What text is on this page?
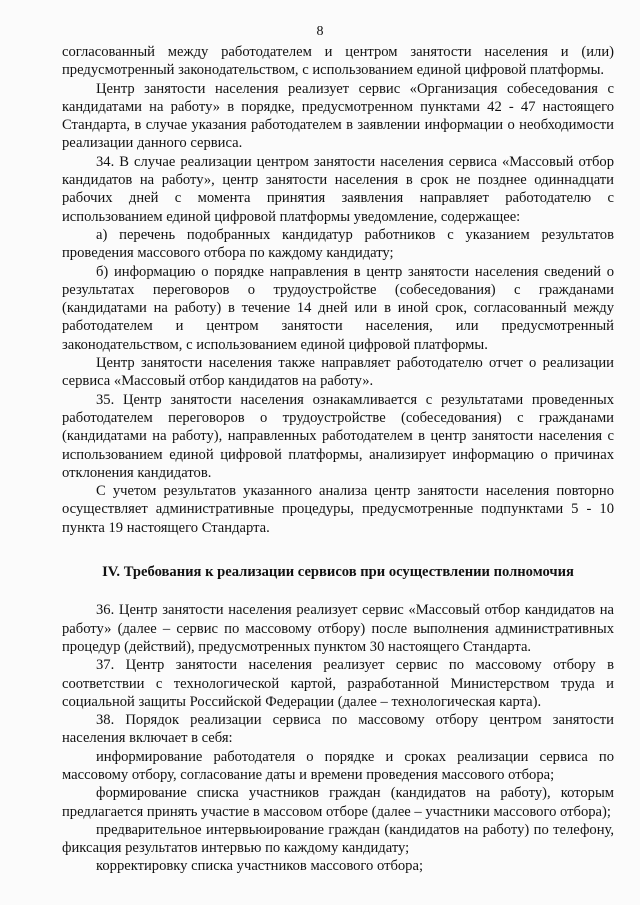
8

согласованный между работодателем и центром занятости населения и (или) предусмотренный законодательством, с использованием единой цифровой платформы.

Центр занятости населения реализует сервис «Организация собеседования с кандидатами на работу» в порядке, предусмотренном пунктами 42 - 47 настоящего Стандарта, в случае указания работодателем в заявлении информации о необходимости реализации данного сервиса.

34. В случае реализации центром занятости населения сервиса «Массовый отбор кандидатов на работу», центр занятости населения в срок не позднее одиннадцати рабочих дней с момента принятия заявления направляет работодателю с использованием единой цифровой платформы уведомление, содержащее:

а) перечень подобранных кандидатур работников с указанием результатов проведения массового отбора по каждому кандидату;

б) информацию о порядке направления в центр занятости населения сведений о результатах переговоров о трудоустройстве (собеседования) с гражданами (кандидатами на работу) в течение 14 дней или в иной срок, согласованный между работодателем и центром занятости населения, или предусмотренный законодательством, с использованием единой цифровой платформы.

Центр занятости населения также направляет работодателю отчет о реализации сервиса «Массовый отбор кандидатов на работу».

35. Центр занятости населения ознакамливается с результатами проведенных работодателем переговоров о трудоустройстве (собеседования) с гражданами (кандидатами на работу), направленных работодателем в центр занятости населения с использованием единой цифровой платформы, анализирует информацию о причинах отклонения кандидатов.

С учетом результатов указанного анализа центр занятости населения повторно осуществляет административные процедуры, предусмотренные подпунктами 5 - 10 пункта 19 настоящего Стандарта.

IV. Требования к реализации сервисов при осуществлении полномочия

36. Центр занятости населения реализует сервис «Массовый отбор кандидатов на работу» (далее – сервис по массовому отбору) после выполнения административных процедур (действий), предусмотренных пунктом 30 настоящего Стандарта.

37. Центр занятости населения реализует сервис по массовому отбору в соответствии с технологической картой, разработанной Министерством труда и социальной защиты Российской Федерации (далее – технологическая карта).

38. Порядок реализации сервиса по массовому отбору центром занятости населения включает в себя:

информирование работодателя о порядке и сроках реализации сервиса по массовому отбору, согласование даты и времени проведения массового отбора;

формирование списка участников граждан (кандидатов на работу), которым предлагается принять участие в массовом отборе (далее – участники массового отбора);

предварительное интервьюирование граждан (кандидатов на работу) по телефону, фиксация результатов интервью по каждому кандидату;

корректировку списка участников массового отбора;
